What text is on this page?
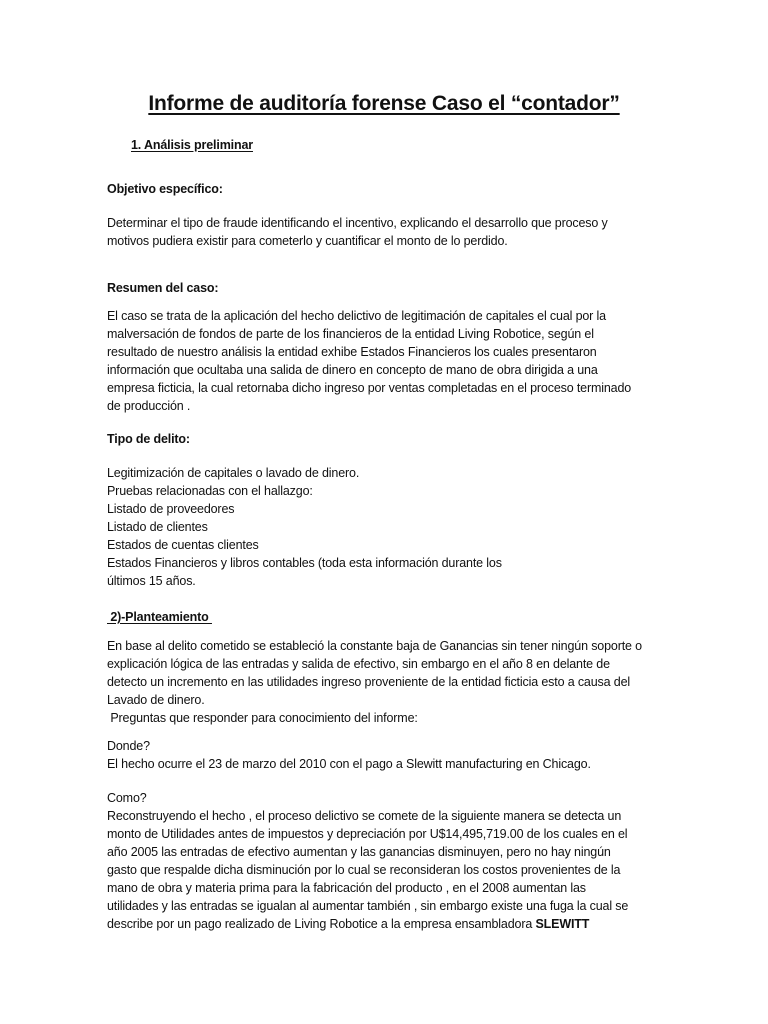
Informe de auditoría forense Caso el “contador”

1. Análisis preliminar

Objetivo específico:

Determinar el tipo de fraude identificando el incentivo, explicando el desarrollo que proceso y
motivos pudiera existir para cometerlo y cuantificar el monto de lo perdido.

Resumen del caso:

El caso se trata de la aplicación del hecho delictivo de legitimación de capitales el cual por la
malversación de fondos de parte de los financieros de la entidad Living Robotice, según el
resultado de nuestro análisis la entidad exhibe Estados Financieros los cuales presentaron
información que ocultaba una salida de dinero en concepto de mano de obra dirigida a una
empresa ficticia, la cual retornaba dicho ingreso por ventas completadas en el proceso terminado
de producción .

Tipo de delito:

Legitimización de capitales o lavado de dinero.
Pruebas relacionadas con el hallazgo:
Listado de proveedores
Listado de clientes
Estados de cuentas clientes
Estados Financieros y libros contables (toda esta información durante los
últimos 15 años.

2)-Planteamiento

En base al delito cometido se estableció la constante baja de Ganancias sin tener ningún soporte o
explicación lógica de las entradas y salida de efectivo, sin embargo en el año 8 en delante de
detecto un incremento en las utilidades ingreso proveniente de la entidad ficticia esto a causa del
Lavado de dinero.
Preguntas que responder para conocimiento del informe:

Donde?
El hecho ocurre el 23 de marzo del 2010 con el pago a Slewitt manufacturing en Chicago.

Como?
Reconstruyendo el hecho , el proceso delictivo se comete de la siguiente manera se detecta un
monto de Utilidades antes de impuestos y depreciación por U$14,495,719.00 de los cuales en el
año 2005 las entradas de efectivo aumentan y las ganancias disminuyen, pero no hay ningún
gasto que respalde dicha disminución por lo cual se reconsideran los costos provenientes de la
mano de obra y materia prima para la fabricación del producto , en el 2008 aumentan las
utilidades y las entradas se igualan al aumentar también , sin embargo existe una fuga la cual se
describe por un pago realizado de Living Robotice a la empresa ensambladora SLEWITT
